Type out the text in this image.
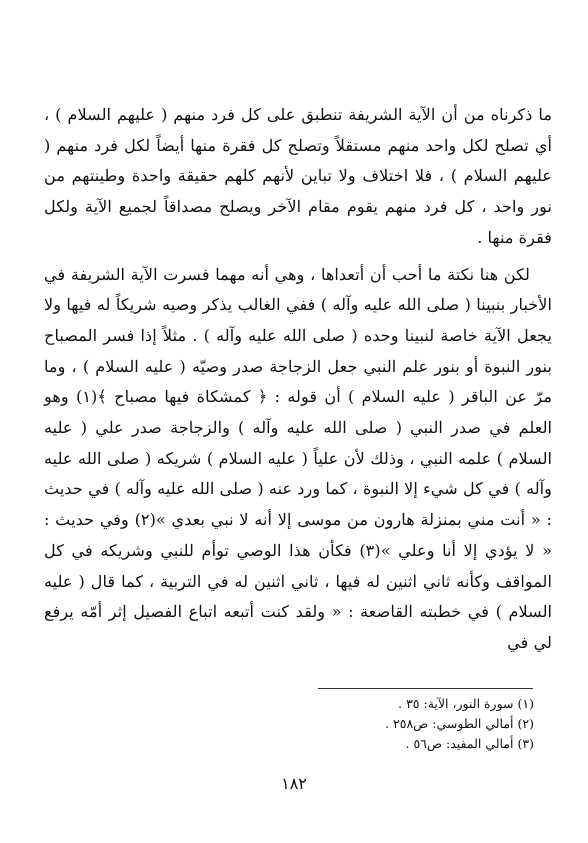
ما ذكرناه من أن الآية الشريفة تنطبق على كل فرد منهم ( عليهم السلام ) ، أي تصلح لكل واحد منهم مستقلاً وتصلح كل فقرة منها أيضاً لكل فرد منهم ( عليهم السلام ) ، فلا اختلاف ولا تباين لأنهم كلهم حقيقة واحدة وطينتهم من نور واحد ، كل فرد منهم يقوم مقام الآخر ويصلح مصداقاً لجميع الآية ولكل فقرة منها .

لكن هنا نكتة ما أحب أن أتعداها ، وهي أنه مهما فسرت الآية الشريفة في الأخبار بنبينا ( صلى الله عليه وآله ) ففي الغالب يذكر وصيه شريكاً له فيها ولا يجعل الآية خاصة لنبينا وحده ( صلى الله عليه وآله ) . مثلاً إذا فسر المصباح بنور النبوة أو بنور علم النبي جعل الزجاجة صدر وصيّه ( عليه السلام ) ، وما مرّ عن الباقر ( عليه السلام ) أن قوله : ﴿ كمشكاة فيها مصباح ﴾(١) وهو العلم في صدر النبي ( صلى الله عليه وآله ) والزجاجة صدر علي ( عليه السلام ) علمه النبي ، وذلك لأن علياً ( عليه السلام ) شريكه ( صلى الله عليه وآله ) في كل شيء إلا النبوة ، كما ورد عنه ( صلى الله عليه وآله ) في حديث : « أنت مني بمنزلة هارون من موسى إلا أنه لا نبي بعدي »(٢) وفي حديث : « لا يؤدي إلا أنا وعلي »(٣) فكأن هذا الوصي توأم للنبي وشريكه في كل المواقف وكأنه ثاني اثنين له فيها ، ثاني اثنين له في التربية ، كما قال ( عليه السلام ) في خطبته القاصعة : « ولقد كنت أتبعه اتباع الفصيل إثر أمّه يرفع لي في

(١) سورة النور، الآية: ٣٥ .

(٢) أمالي الطوسي: ص٢٥٨ .

(٣) أمالي المفيد: ص٥٦ .

١٨٢
